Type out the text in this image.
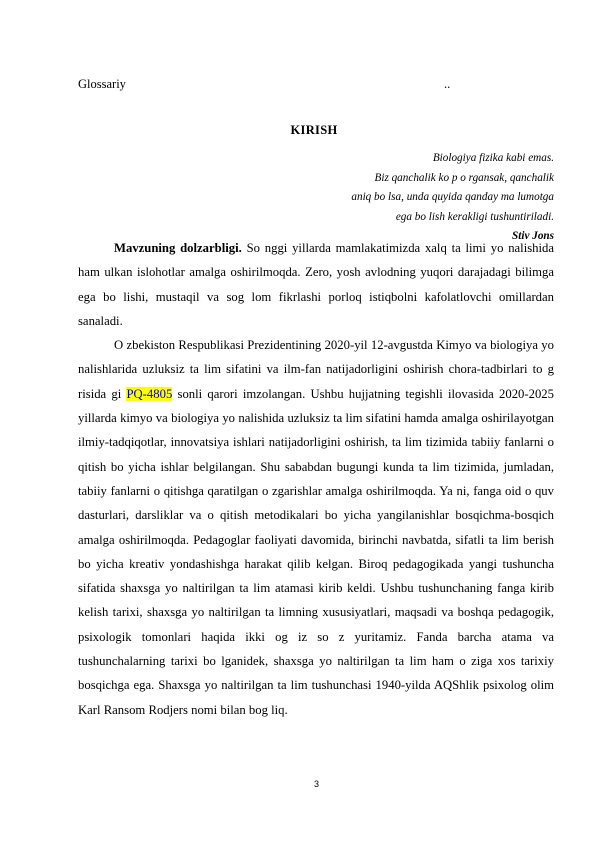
Glossariy	..
KIRISH
Biologiya fizika kabi emas.
Biz qanchalik ko p o rgansak, qanchalik
aniq bo lsa, unda quyida qanday ma lumotga
ega bo lish kerakligi tushuntiriladi.
Stiv Jons

Mavzuning dolzarbligi. So nggi yillarda mamlakatimizda xalq ta limi yo nalishida ham ulkan islohotlar amalga oshirilmoqda. Zero, yosh avlodning yuqori darajadagi bilimga ega bo lishi, mustaqil va sog lom fikrlashi porloq istiqbolni kafolatlovchi omillardan sanaladi.

O zbekiston Respublikasi Prezidentining 2020-yil 12-avgustda Kimyo va biologiya yo nalishlarida uzluksiz ta lim sifatini va ilm-fan natijadorligini oshirish chora-tadbirlari to g risida gi PQ-4805 sonli qarori imzolangan. Ushbu hujjatning tegishli ilovasida 2020-2025 yillarda kimyo va biologiya yo nalishida uzluksiz ta lim sifatini hamda amalga oshirilayotgan ilmiy-tadqiqotlar, innovatsiya ishlari natijadorligini oshirish, ta lim tizimida tabiiy fanlarni o qitish bo yicha ishlar belgilangan. Shu sababdan bugungi kunda ta lim tizimida, jumladan, tabiiy fanlarni o qitishga qaratilgan o zgarishlar amalga oshirilmoqda. Ya ni, fanga oid o quv dasturlari, darsliklar va o qitish metodikalari bo yicha yangilanishlar bosqichma-bosqich amalga oshirilmoqda. Pedagoglar faoliyati davomida, birinchi navbatda, sifatli ta lim berish bo yicha kreativ yondashishga harakat qilib kelgan. Biroq pedagogikada yangi tushuncha sifatida shaxsga yo naltirilgan ta lim atamasi kirib keldi. Ushbu tushunchaning fanga kirib kelish tarixi, shaxsga yo naltirilgan ta limning xususiyatlari, maqsadi va boshqa pedagogik, psixologik tomonlari haqida ikki og iz so z yuritamiz. Fanda barcha atama va tushunchalarning tarixi bo lganidek, shaxsga yo naltirilgan ta lim ham o ziga xos tarixiy bosqichga ega. Shaxsga yo naltirilgan ta lim tushunchasi 1940-yilda AQShlik psixolog olim Karl Ransom Rodjers nomi bilan bog liq.

3
